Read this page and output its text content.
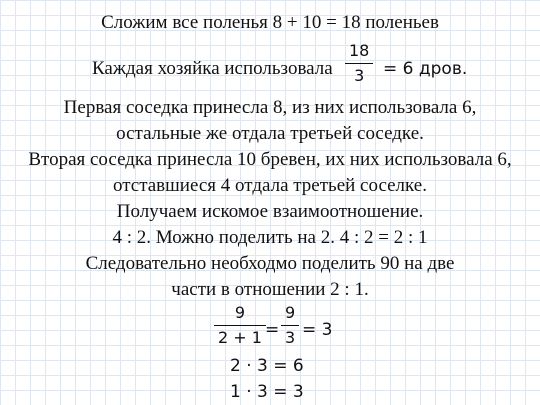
Сложим все поленья 8 + 10 = 18 поленьев
Каждая хозяйка использовала
18
3 = 6 дров.
Первая соседка принесла 8, из них использовала 6,
остальные же отдала третьей соседке.
Вторая соседка принесла 10 бревен, их них использовала 6,
отставшиеся 4 отдала третьей соселке.
Получаем искомое взаимоотношение.
4 : 2. Можно поделить на 2. 4 : 2 = 2 : 1
Следовательно необходмо поделить 90 на две
части в отношении 2 : 1.
9
2 + 1 =
9
3 = 3
2 · 3 = 6
1 · 3 = 3
